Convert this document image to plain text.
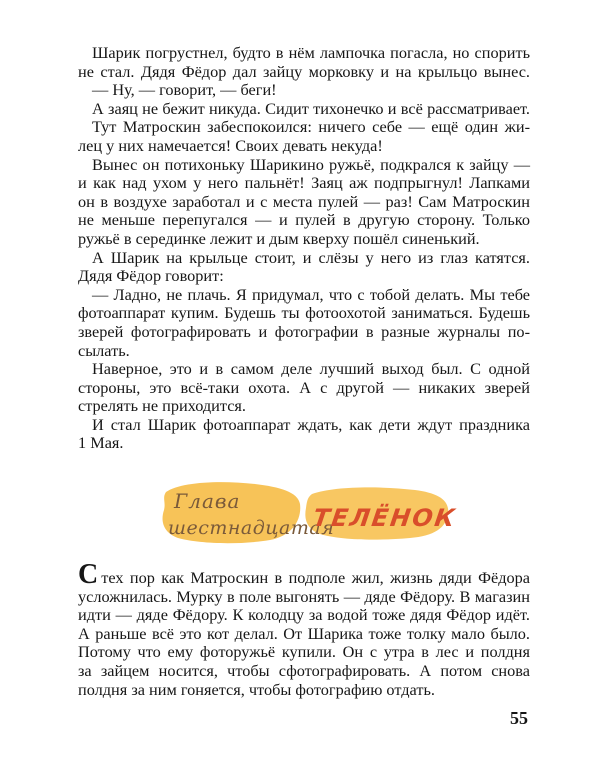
Шарик погрустнел, будто в нём лампочка погасла, но спорить
не стал. Дядя Фёдор дал зайцу морковку и на крыльцо вынес.
— Ну, — говорит, — беги!
А заяц не бежит никуда. Сидит тихонечко и всё рассматривает.
Тут Матроскин забеспокоился: ничего себе — ещё один жи-
лец у них намечается! Своих девать некуда!
Вынес он потихоньку Шарикино ружьё, подкрался к зайцу —
и как над ухом у него пальнёт! Заяц аж подпрыгнул! Лапками
он в воздухе заработал и с места пулей — раз! Сам Матроскин
не меньше перепугался — и пулей в другую сторону. Только
ружьё в серединке лежит и дым кверху пошёл синенький.
А Шарик на крыльце стоит, и слёзы у него из глаз катятся.
Дядя Фёдор говорит:
— Ладно, не плачь. Я придумал, что с тобой делать. Мы тебе
фотоаппарат купим. Будешь ты фотоохотой заниматься. Будешь
зверей фотографировать и фотографии в разные журналы по-
сылать.
Наверное, это и в самом деле лучший выход был. С одной
стороны, это всё-таки охота. А с другой — никаких зверей
стрелять не приходится.
И стал Шарик фотоаппарат ждать, как дети ждут праздника
1 Мая.
Глава
шестнадцатая
ТЕЛЁНОК
Стех пор как Матроскин в подполе жил, жизнь дяди Фёдора
усложнилась. Мурку в поле выгонять — дяде Фёдору. В магазин
идти — дяде Фёдору. К колодцу за водой тоже дядя Фёдор идёт.
А раньше всё это кот делал. От Шарика тоже толку мало было.
Потому что ему фоторужьё купили. Он с утра в лес и полдня
за зайцем носится, чтобы сфотографировать. А потом снова
полдня за ним гоняется, чтобы фотографию отдать.
55
